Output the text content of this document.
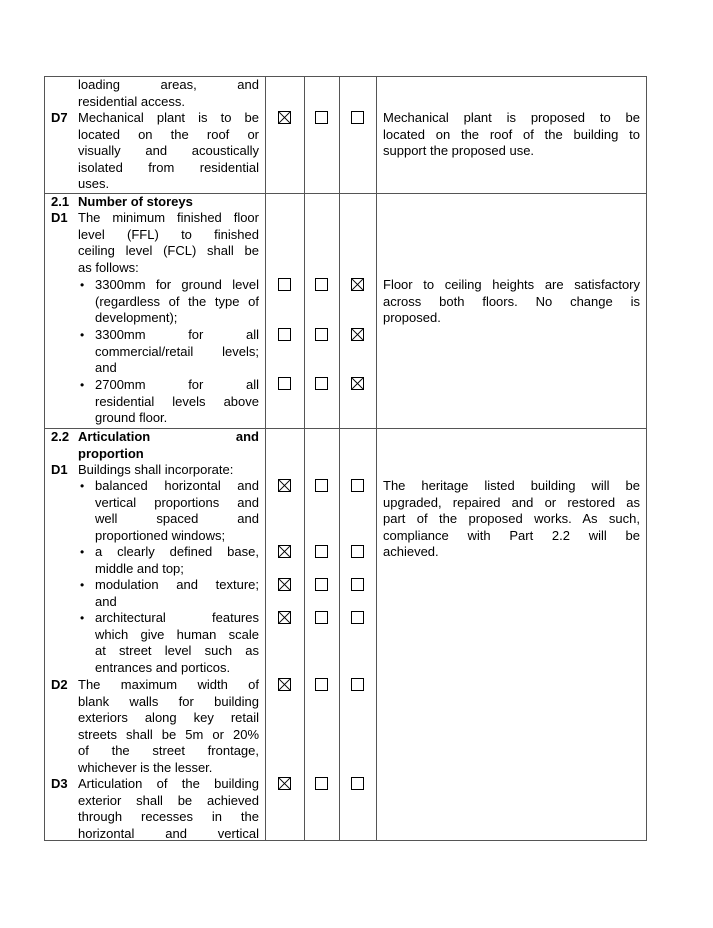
loading areas, and
residential access.
D7 Mechanical plant is to be
located on the roof or
visually and acoustically
isolated from residential
uses.
Mechanical plant is proposed to be
located on the roof of the building to
support the proposed use.
2.1 Number of storeys
D1 The minimum finished floor
level (FFL) to finished
ceiling level (FCL) shall be
as follows:
• 3300mm for ground level
(regardless of the type of
development);
• 3300mm for all
commercial/retail levels;
and
• 2700mm for all
residential levels above
ground floor.
Floor to ceiling heights are satisfactory
across both floors. No change is
proposed.
2.2 Articulation and
proportion
D1 Buildings shall incorporate:
• balanced horizontal and
vertical proportions and
well spaced and
proportioned windows;
• a clearly defined base,
middle and top;
• modulation and texture;
and
• architectural features
which give human scale
at street level such as
entrances and porticos.
D2 The maximum width of
blank walls for building
exteriors along key retail
streets shall be 5m or 20%
of the street frontage,
whichever is the lesser.
D3 Articulation of the building
exterior shall be achieved
through recesses in the
horizontal and vertical
The heritage listed building will be
upgraded, repaired and or restored as
part of the proposed works. As such,
compliance with Part 2.2 will be
achieved.
